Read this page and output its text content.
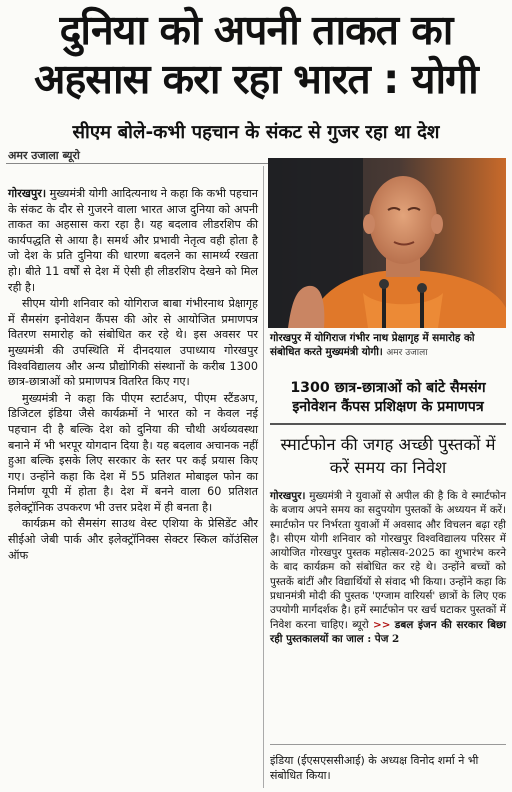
दुनिया को अपनी ताकत का
अहसास करा रहा भारत : योगी
सीएम बोले-कभी पहचान के संकट से गुजर रहा था देश
अमर उजाला ब्यूरो

गोरखपुर। मुख्यमंत्री योगी आदित्यनाथ ने कहा कि कभी पहचान के संकट के दौर से गुजरने वाला भारत आज दुनिया को अपनी ताकत का अहसास करा रहा है। यह बदलाव लीडरशिप की कार्यपद्धति से आया है। समर्थ और प्रभावी नेतृत्व वही होता है जो देश के प्रति दुनिया की धारणा बदलने का सामर्थ्य रखता हो। बीते 11 वर्षों से देश में ऐसी ही लीडरशिप देखने को मिल रही है।

सीएम योगी शनिवार को योगिराज बाबा गंभीरनाथ प्रेक्षागृह में सैमसंग इनोवेशन कैंपस की ओर से आयोजित प्रमाणपत्र वितरण समारोह को संबोधित कर रहे थे। इस अवसर पर मुख्यमंत्री की उपस्थिति में दीनदयाल उपाध्याय गोरखपुर विश्वविद्यालय और अन्य प्रौद्योगिकी संस्थानों के करीब 1300 छात्र-छात्राओं को प्रमाणपत्र वितरित किए गए।

मुख्यमंत्री ने कहा कि पीएम स्टार्टअप, पीएम स्टैंडअप, डिजिटल इंडिया जैसे कार्यक्रमों ने भारत को न केवल नई पहचान दी है बल्कि देश को दुनिया की चौथी अर्थव्यवस्था बनाने में भी भरपूर योगदान दिया है। यह बदलाव अचानक नहीं हुआ बल्कि इसके लिए सरकार के स्तर पर कई प्रयास किए गए। उन्होंने कहा कि देश में 55 प्रतिशत मोबाइल फोन का निर्माण यूपी में होता है। देश में बनने वाला 60 प्रतिशत इलेक्ट्रॉनिक उपकरण भी उत्तर प्रदेश में ही बनता है।

कार्यक्रम को सैमसंग साउथ वेस्ट एशिया के प्रेसिडेंट और सीईओ जेबी पार्क और इलेक्ट्रॉनिक्स सेक्टर स्किल कॉउंसिल ऑफ

गोरखपुर में योगिराज गंभीर नाथ प्रेक्षागृह में समारोह को संबोधित करते मुख्यमंत्री योगी। अमर उजाला
1300 छात्र-छात्राओं को बांटे सैमसंग इनोवेशन कैंपस प्रशिक्षण के प्रमाणपत्र
स्मार्टफोन की जगह अच्छी पुस्तकों में करें समय का निवेश
गोरखपुर। मुख्यमंत्री ने युवाओं से अपील की है कि वे स्मार्टफोन के बजाय अपने समय का सदुपयोग पुस्तकों के अध्ययन में करें। स्मार्टफोन पर निर्भरता युवाओं में अवसाद और विचलन बढ़ा रही है। सीएम योगी शनिवार को गोरखपुर विश्वविद्यालय परिसर में आयोजित गोरखपुर पुस्तक महोत्सव-2025 का शुभारंभ करने के बाद कार्यक्रम को संबोधित कर रहे थे। उन्होंने बच्चों को पुस्तकें बांटीं और विद्यार्थियों से संवाद भी किया। उन्होंने कहा कि प्रधानमंत्री मोदी की पुस्तक 'एग्जाम वारियर्स' छात्रों के लिए एक उपयोगी मार्गदर्शक है। हमें स्मार्टफोन पर खर्च घटाकर पुस्तकों में निवेश करना चाहिए। ब्यूरो >> डबल इंजन की सरकार बिछा रही पुस्तकालयों का जाल : पेज 2
इंडिया (ईएसएससीआई) के अध्यक्ष विनोद शर्मा ने भी संबोधित किया।
